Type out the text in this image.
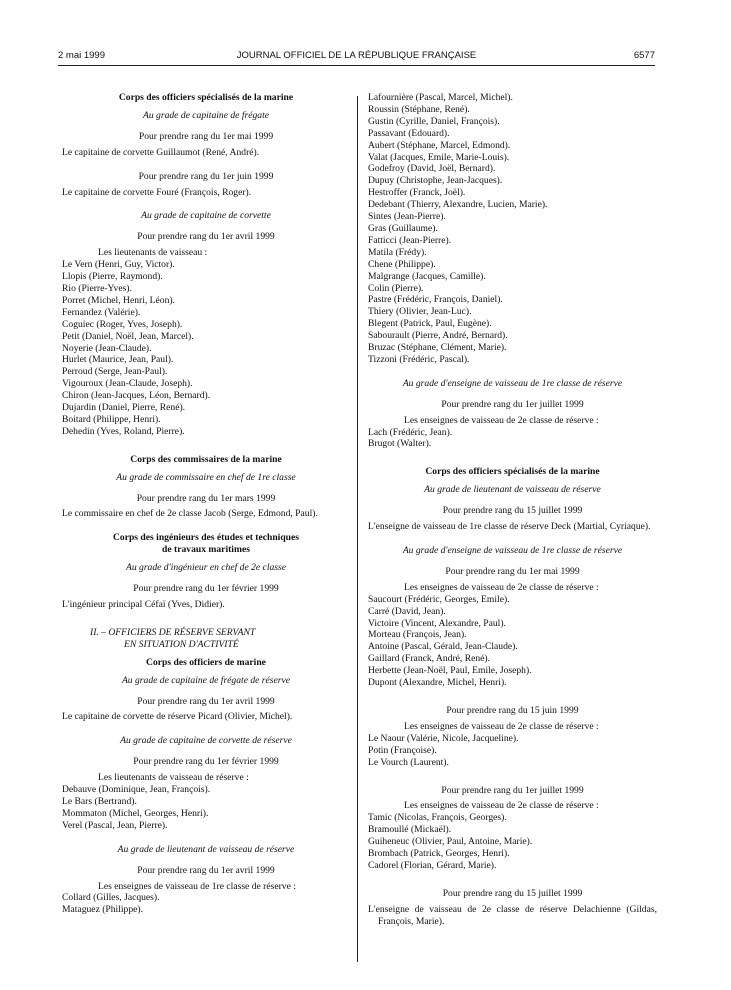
2 mai 1999	JOURNAL OFFICIEL DE LA RÉPUBLIQUE FRANÇAISE	6577

Corps des officiers spécialisés de la marine

Au grade de capitaine de frégate

Pour prendre rang du 1er mai 1999

Le capitaine de corvette Guillaumot (René, André).

Pour prendre rang du 1er juin 1999

Le capitaine de corvette Fouré (François, Roger).

Au grade de capitaine de corvette

Pour prendre rang du 1er avril 1999

Les lieutenants de vaisseau :

Le Vern (Henri, Guy, Victor).

Llopis (Pierre, Raymond).

Rio (Pierre-Yves).

Porret (Michel, Henri, Léon).

Fernandez (Valérie).

Coguiec (Roger, Yves, Joseph).

Petit (Daniel, Noël, Jean, Marcel).

Noyerie (Jean-Claude).

Hurlet (Maurice, Jean, Paul).

Perroud (Serge, Jean-Paul).

Vigouroux (Jean-Claude, Joseph).

Chiron (Jean-Jacques, Léon, Bernard).

Dujardin (Daniel, Pierre, René).

Boitard (Philippe, Henri).

Dehedin (Yves, Roland, Pierre).

Corps des commissaires de la marine

Au grade de commissaire en chef de 1re classe

Pour prendre rang du 1er mars 1999

Le commissaire en chef de 2e classe Jacob (Serge, Edmond, Paul).

Corps des ingénieurs des études et techniques

de travaux maritimes

Au grade d'ingénieur en chef de 2e classe

Pour prendre rang du 1er février 1999

L'ingénieur principal Céfaï (Yves, Didier).

II. – OFFICIERS DE RÉSERVE SERVANT

EN SITUATION D'ACTIVITÉ

Corps des officiers de marine

Au grade de capitaine de frégate de réserve

Pour prendre rang du 1er avril 1999

Le capitaine de corvette de réserve Picard (Olivier, Michel).

Au grade de capitaine de corvette de réserve

Pour prendre rang du 1er février 1999

Les lieutenants de vaisseau de réserve :

Debauve (Dominique, Jean, François).

Le Bars (Bertrand).

Mommaton (Michel, Georges, Henri).

Verel (Pascal, Jean, Pierre).

Au grade de lieutenant de vaisseau de réserve

Pour prendre rang du 1er avril 1999

Les enseignes de vaisseau de 1re classe de réserve :

Collard (Gilles, Jacques).

Mataguez (Philippe).

Lafournière (Pascal, Marcel, Michel).

Roussin (Stéphane, René).

Gustin (Cyrille, Daniel, François).

Passavant (Edouard).

Aubert (Stéphane, Marcel, Edmond).

Valat (Jacques, Emile, Marie-Louis).

Godefroy (David, Joël, Bernard).

Dupuy (Christophe, Jean-Jacques).

Hestroffer (Franck, Joël).

Dedebant (Thierry, Alexandre, Lucien, Marie).

Sintes (Jean-Pierre).

Gras (Guillaume).

Fatticci (Jean-Pierre).

Matila (Frédy).

Chene (Philippe).

Malgrange (Jacques, Camille).

Colin (Pierre).

Pastre (Frédéric, François, Daniel).

Thiery (Olivier, Jean-Luc).

Blegent (Patrick, Paul, Eugène).

Sabourault (Pierre, André, Bernard).

Bruzac (Stéphane, Clément, Marie).

Tizzoni (Frédéric, Pascal).

Au grade d'enseigne de vaisseau de 1re classe de réserve

Pour prendre rang du 1er juillet 1999

Les enseignes de vaisseau de 2e classe de réserve :

Lach (Frédéric, Jean).

Brugot (Walter).

Corps des officiers spécialisés de la marine

Au grade de lieutenant de vaisseau de réserve

Pour prendre rang du 15 juillet 1999

L'enseigne de vaisseau de 1re classe de réserve Deck (Martial, Cyriaque).

Au grade d'enseigne de vaisseau de 1re classe de réserve

Pour prendre rang du 1er mai 1999

Les enseignes de vaisseau de 2e classe de réserve :

Saucourt (Frédéric, Georges, Emile).

Carré (David, Jean).

Victoire (Vincent, Alexandre, Paul).

Morteau (François, Jean).

Antoine (Pascal, Gérald, Jean-Claude).

Gaillard (Franck, André, René).

Herbette (Jean-Noël, Paul, Emile, Joseph).

Dupont (Alexandre, Michel, Henri).

Pour prendre rang du 15 juin 1999

Les enseignes de vaisseau de 2e classe de réserve :

Le Naour (Valérie, Nicole, Jacqueline).

Potin (Françoise).

Le Vourch (Laurent).

Pour prendre rang du 1er juillet 1999

Les enseignes de vaisseau de 2e classe de réserve :

Tamic (Nicolas, François, Georges).

Bramoullé (Mickaël).

Guiheneuc (Olivier, Paul, Antoine, Marie).

Brombach (Patrick, Georges, Henri).

Cadorel (Florian, Gérard, Marie).

Pour prendre rang du 15 juillet 1999

L'enseigne de vaisseau de 2e classe de réserve Delachienne (Gildas, François, Marie).
